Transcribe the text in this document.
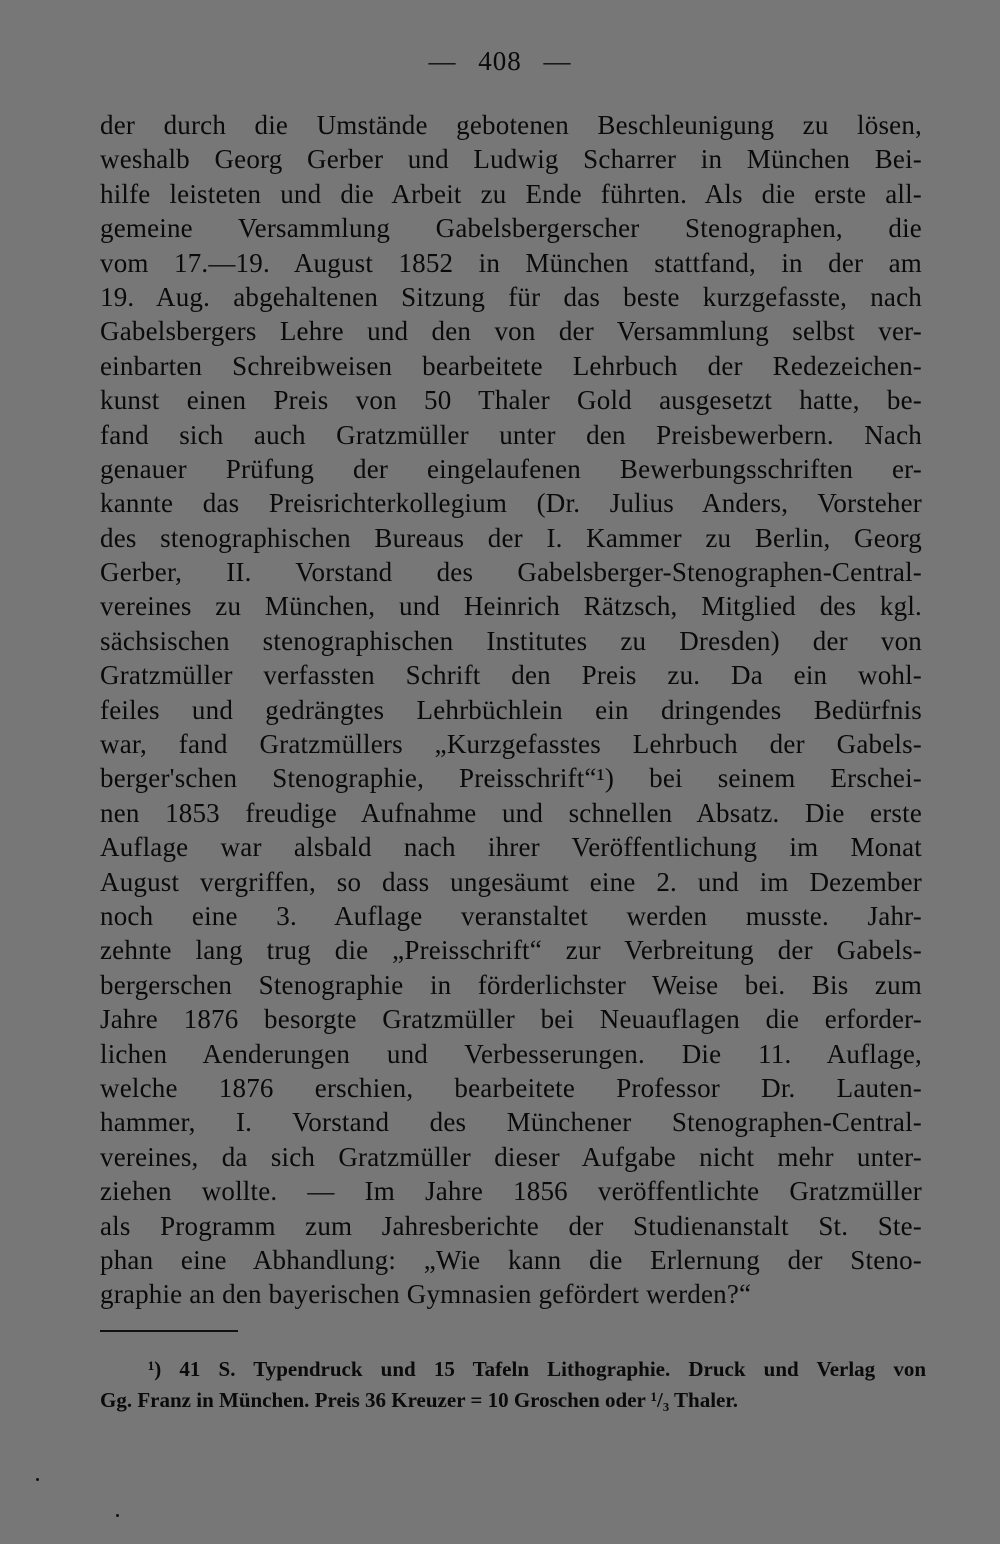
— 408 —
der durch die Umstände gebotenen Beschleunigung zu lösen,
weshalb Georg Gerber und Ludwig Scharrer in München Bei-
hilfe leisteten und die Arbeit zu Ende führten. Als die erste all-
gemeine Versammlung Gabelsbergerscher Stenographen, die
vom 17.—19. August 1852 in München stattfand, in der am
19. Aug. abgehaltenen Sitzung für das beste kurzgefasste, nach
Gabelsbergers Lehre und den von der Versammlung selbst ver-
einbarten Schreibweisen bearbeitete Lehrbuch der Redezeichen-
kunst einen Preis von 50 Thaler Gold ausgesetzt hatte, be-
fand sich auch Gratzmüller unter den Preisbewerbern. Nach
genauer Prüfung der eingelaufenen Bewerbungsschriften er-
kannte das Preisrichterkollegium (Dr. Julius Anders, Vorsteher
des stenographischen Bureaus der I. Kammer zu Berlin, Georg
Gerber, II. Vorstand des Gabelsberger-Stenographen-Central-
vereines zu München, und Heinrich Rätzsch, Mitglied des kgl.
sächsischen stenographischen Institutes zu Dresden) der von
Gratzmüller verfassten Schrift den Preis zu. Da ein wohl-
feiles und gedrängtes Lehrbüchlein ein dringendes Bedürfnis
war, fand Gratzmüllers „Kurzgefasstes Lehrbuch der Gabels-
berger'schen Stenographie, Preisschrift“¹) bei seinem Erschei-
nen 1853 freudige Aufnahme und schnellen Absatz. Die erste
Auflage war alsbald nach ihrer Veröffentlichung im Monat
August vergriffen, so dass ungesäumt eine 2. und im Dezember
noch eine 3. Auflage veranstaltet werden musste. Jahr-
zehnte lang trug die „Preisschrift“ zur Verbreitung der Gabels-
bergerschen Stenographie in förderlichster Weise bei. Bis zum
Jahre 1876 besorgte Gratzmüller bei Neuauflagen die erforder-
lichen Aenderungen und Verbesserungen. Die 11. Auflage,
welche 1876 erschien, bearbeitete Professor Dr. Lauten-
hammer, I. Vorstand des Münchener Stenographen-Central-
vereines, da sich Gratzmüller dieser Aufgabe nicht mehr unter-
ziehen wollte. — Im Jahre 1856 veröffentlichte Gratzmüller
als Programm zum Jahresberichte der Studienanstalt St. Ste-
phan eine Abhandlung: „Wie kann die Erlernung der Steno-
graphie an den bayerischen Gymnasien gefördert werden?“
¹) 41 S. Typendruck und 15 Tafeln Lithographie. Druck und Verlag von
Gg. Franz in München. Preis 36 Kreuzer = 10 Groschen oder ¹/₃ Thaler.
